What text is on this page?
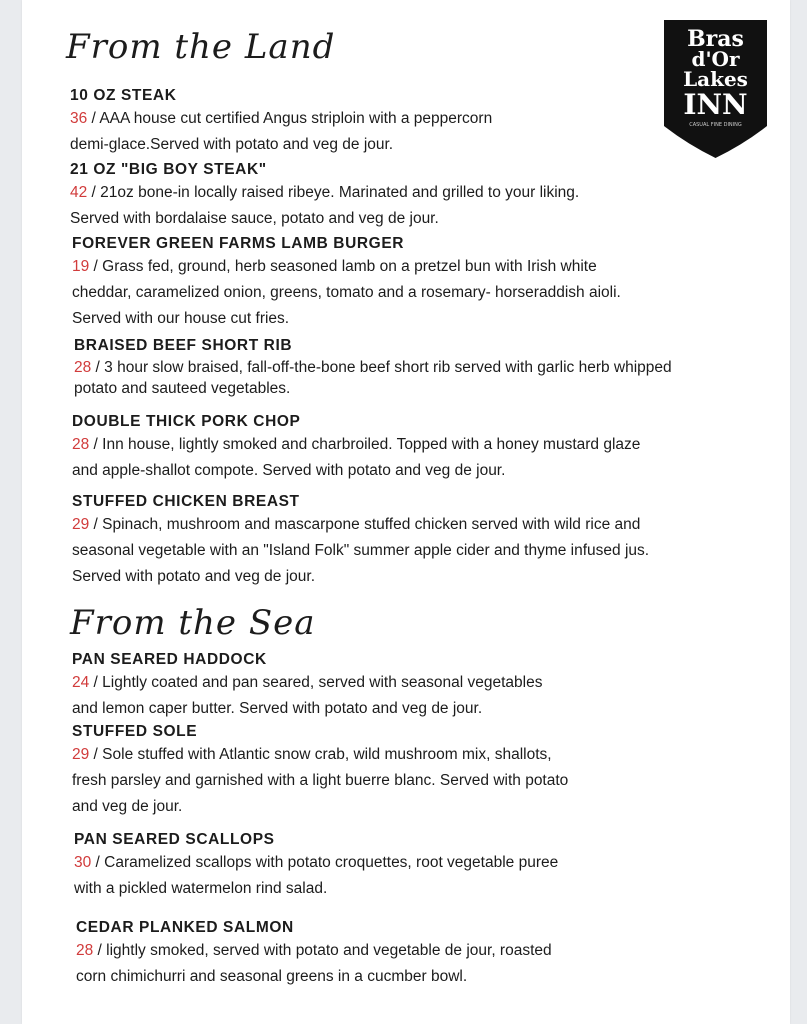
Bras
d'Or
Lakes
INN
CASUAL FINE DINING
From the Land
10 OZ STEAK
36 / AAA house cut certified Angus striploin with a peppercorn
demi-glace.Served with potato and veg de jour.
21 OZ "BIG BOY STEAK"
42 / 21oz bone-in locally raised ribeye. Marinated and grilled to your liking.
Served with bordalaise sauce, potato and veg de jour.
FOREVER GREEN FARMS LAMB BURGER
19 / Grass fed, ground, herb seasoned lamb on a pretzel bun with Irish white
cheddar, caramelized onion, greens, tomato and a rosemary- horseraddish aioli.
Served with our house cut fries.
BRAISED BEEF SHORT RIB
28 / 3 hour slow braised, fall-off-the-bone beef short rib served with garlic herb whipped
potato and sauteed vegetables.
DOUBLE THICK PORK CHOP
28 / Inn house, lightly smoked and charbroiled. Topped with a honey mustard glaze
and apple-shallot compote. Served with potato and veg de jour.
STUFFED CHICKEN BREAST
29 / Spinach, mushroom and mascarpone stuffed chicken served with wild rice and
seasonal vegetable with an "Island Folk" summer apple cider and thyme infused jus.
Served with potato and veg de jour.
From the Sea
PAN SEARED HADDOCK
24 / Lightly coated and pan seared, served with seasonal vegetables
and lemon caper butter. Served with potato and veg de jour.
STUFFED SOLE
29 / Sole stuffed with Atlantic snow crab, wild mushroom mix, shallots,
fresh parsley and garnished with a light buerre blanc. Served with potato
and veg de jour.
PAN SEARED SCALLOPS
30 / Caramelized scallops with potato croquettes, root vegetable puree
with a pickled watermelon rind salad.
CEDAR PLANKED SALMON
28 / lightly smoked, served with potato and vegetable de jour, roasted
corn chimichurri and seasonal greens in a cucmber bowl.
